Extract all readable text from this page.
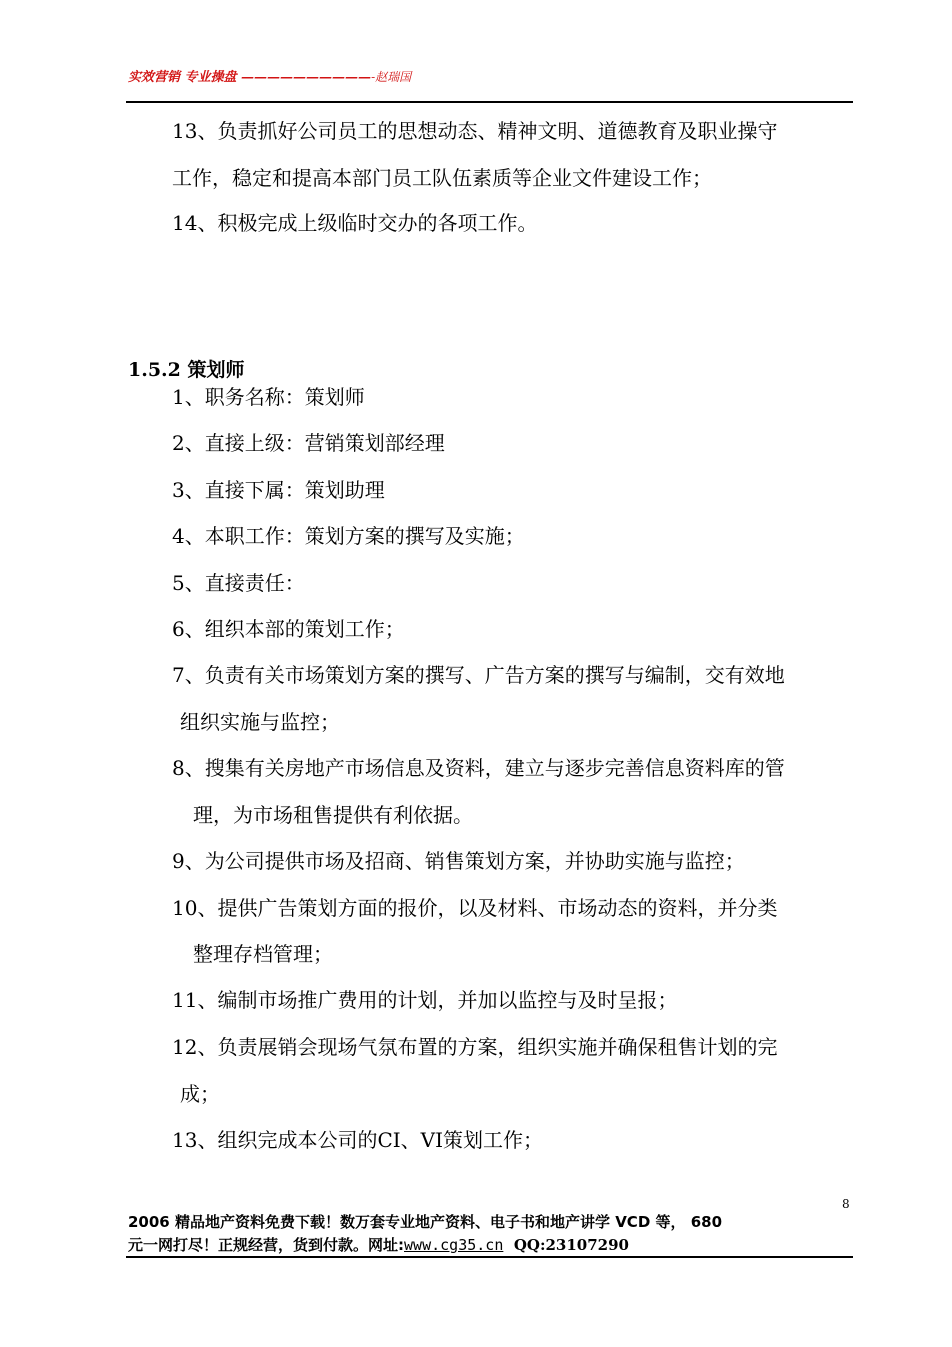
实效营销 专业操盘 ——————————-赵瑞国
13、负责抓好公司员工的思想动态、精神文明、道德教育及职业操守
工作，稳定和提高本部门员工队伍素质等企业文件建设工作；
14、积极完成上级临时交办的各项工作。
1.5.2 策划师
1、职务名称：策划师
2、直接上级：营销策划部经理
3、直接下属：策划助理
4、本职工作：策划方案的撰写及实施；
5、直接责任：
6、组织本部的策划工作；
7、负责有关市场策划方案的撰写、广告方案的撰写与编制，交有效地
组织实施与监控；
8、搜集有关房地产市场信息及资料，建立与逐步完善信息资料库的管
理，为市场租售提供有利依据。
9、为公司提供市场及招商、销售策划方案，并协助实施与监控；
10、提供广告策划方面的报价，以及材料、市场动态的资料，并分类
整理存档管理；
11、编制市场推广费用的计划，并加以监控与及时呈报；
12、负责展销会现场气氛布置的方案，组织实施并确保租售计划的完
成；
13、组织完成本公司的CI、VI策划工作；
8
2006 精品地产资料免费下载！数万套专业地产资料、电子书和地产讲学 VCD 等， 680
元一网打尽！正规经营，货到付款。网址:www.cg35.cn QQ:23107290
